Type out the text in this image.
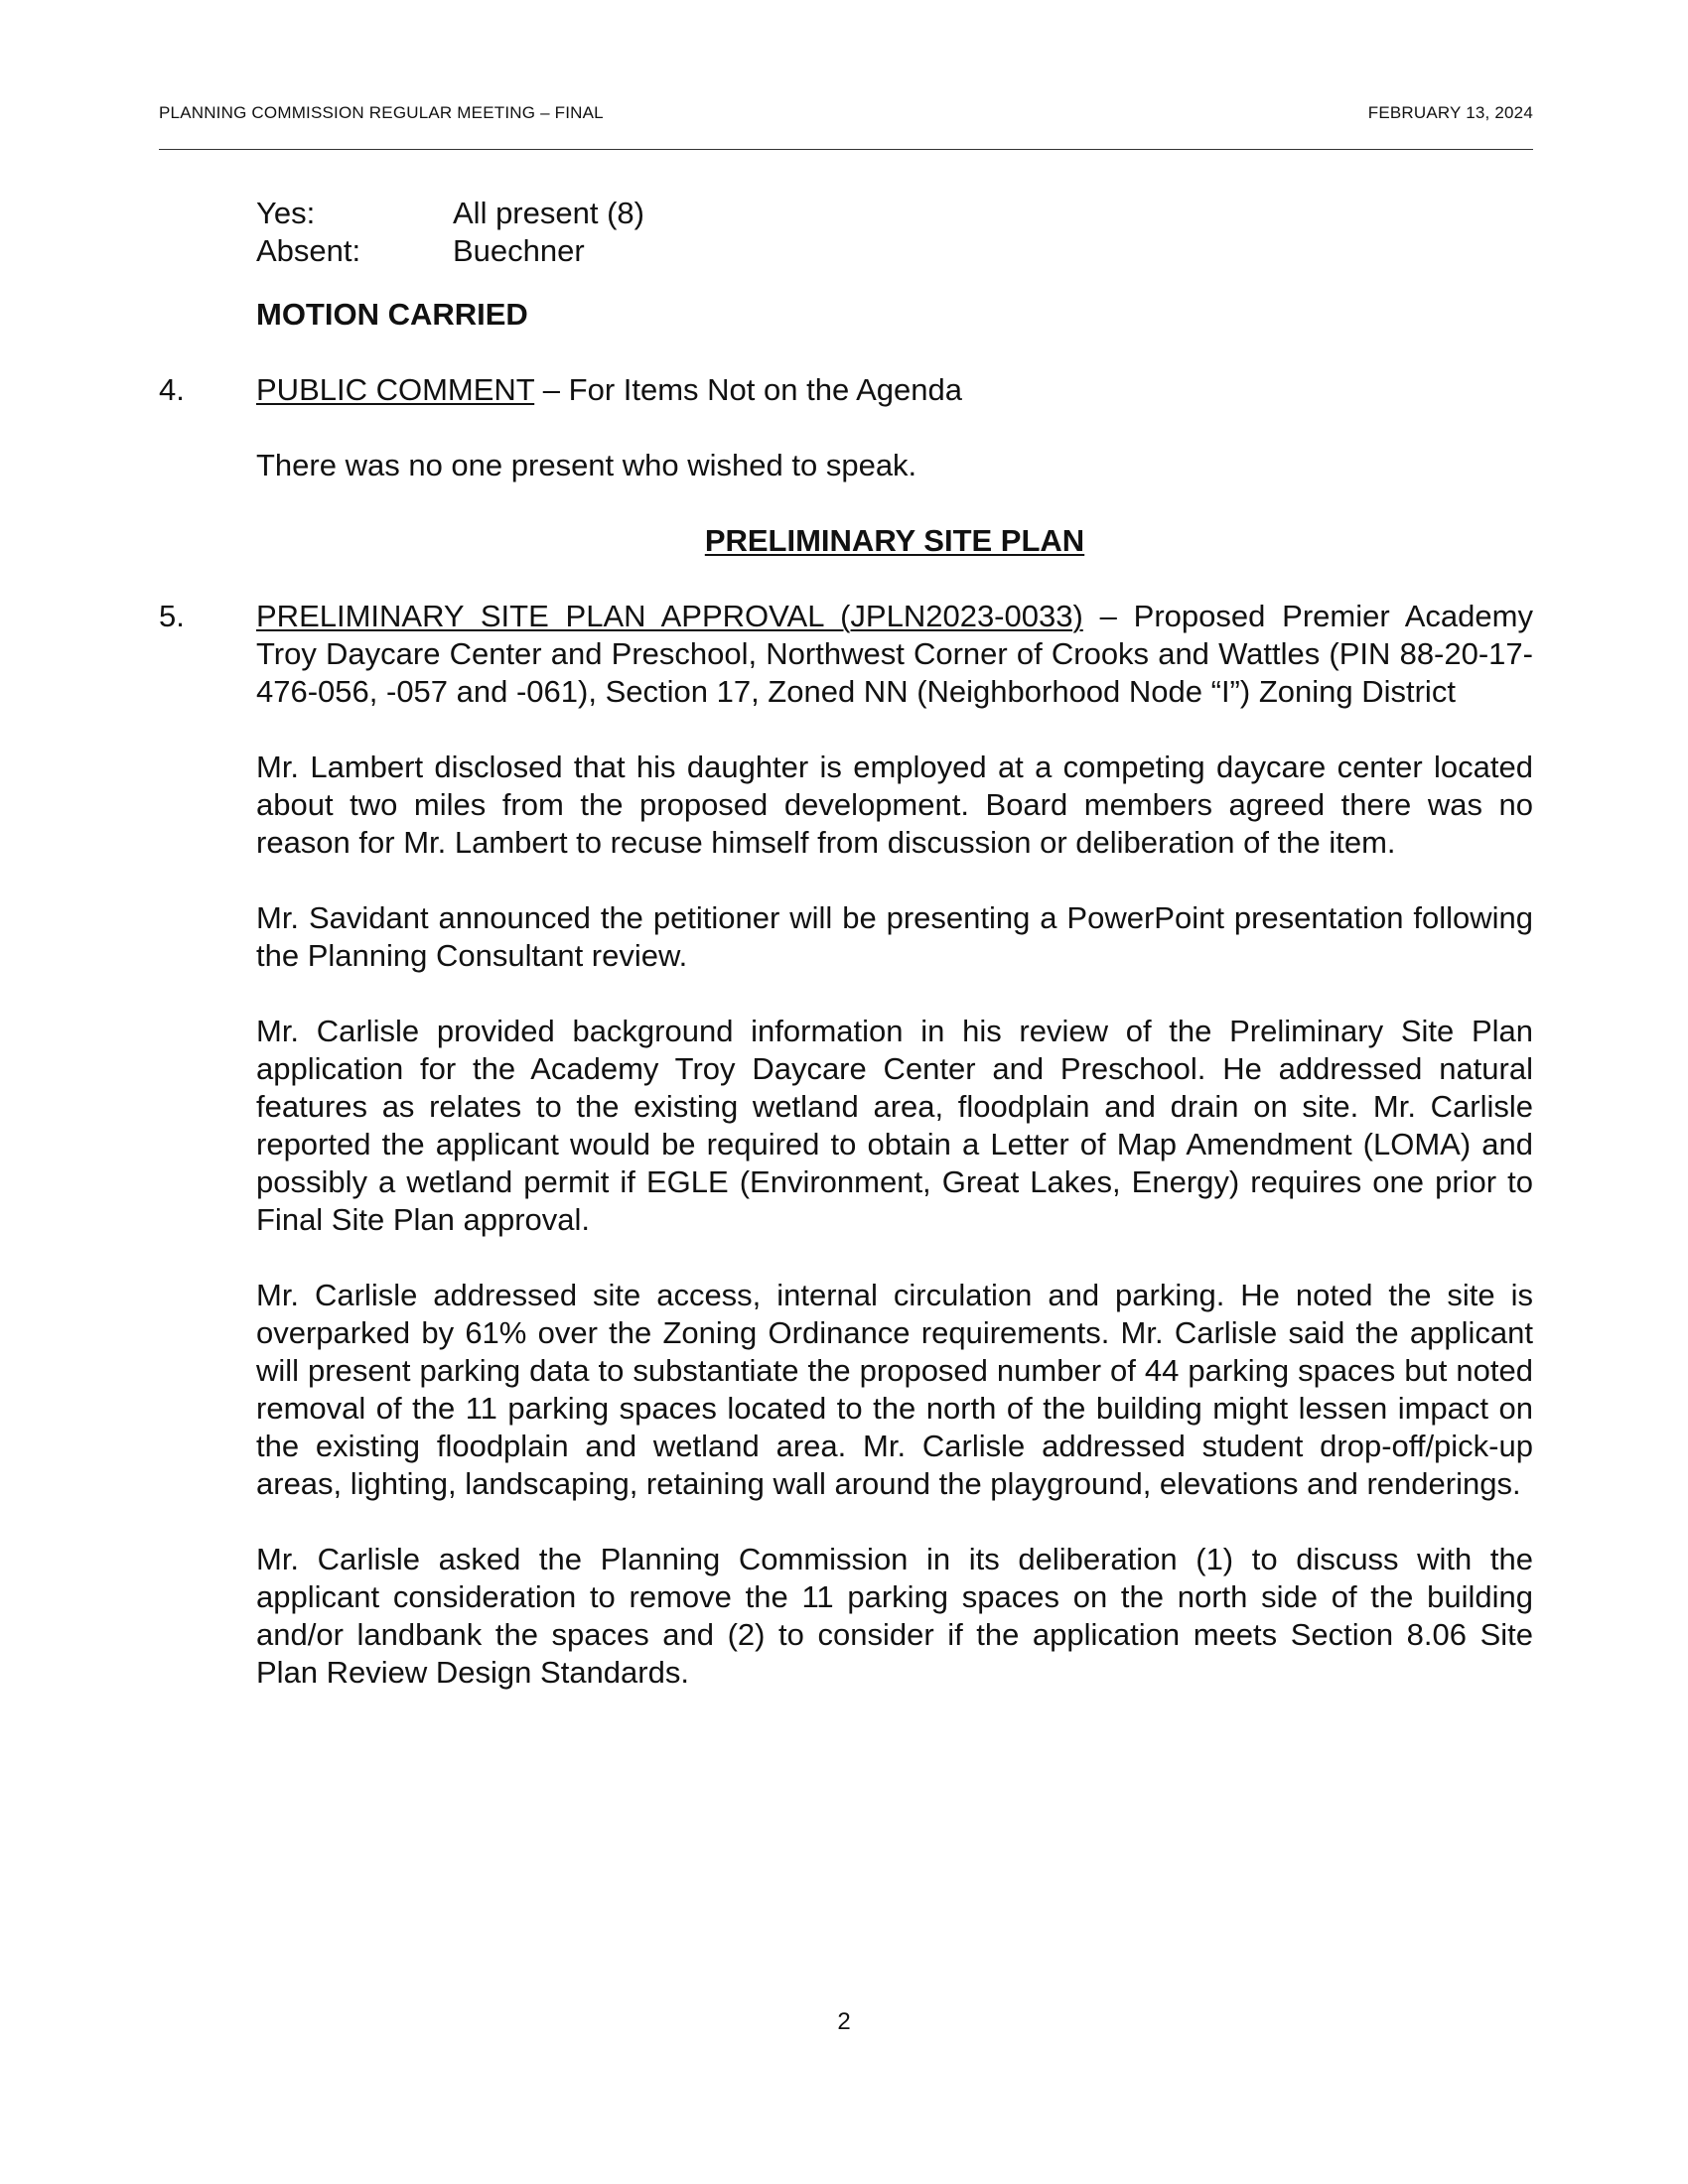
PLANNING COMMISSION REGULAR MEETING – FINAL	FEBRUARY 13, 2024
Yes:	All present (8)
Absent:	Buechner
MOTION CARRIED
4.	PUBLIC COMMENT – For Items Not on the Agenda
There was no one present who wished to speak.
PRELIMINARY SITE PLAN
5.	PRELIMINARY SITE PLAN APPROVAL (JPLN2023-0033) – Proposed Premier Academy Troy Daycare Center and Preschool, Northwest Corner of Crooks and Wattles (PIN 88-20-17-476-056, -057 and -061), Section 17, Zoned NN (Neighborhood Node “I”) Zoning District
Mr. Lambert disclosed that his daughter is employed at a competing daycare center located about two miles from the proposed development. Board members agreed there was no reason for Mr. Lambert to recuse himself from discussion or deliberation of the item.
Mr. Savidant announced the petitioner will be presenting a PowerPoint presentation following the Planning Consultant review.
Mr. Carlisle provided background information in his review of the Preliminary Site Plan application for the Academy Troy Daycare Center and Preschool. He addressed natural features as relates to the existing wetland area, floodplain and drain on site. Mr. Carlisle reported the applicant would be required to obtain a Letter of Map Amendment (LOMA) and possibly a wetland permit if EGLE (Environment, Great Lakes, Energy) requires one prior to Final Site Plan approval.
Mr. Carlisle addressed site access, internal circulation and parking. He noted the site is overparked by 61% over the Zoning Ordinance requirements. Mr. Carlisle said the applicant will present parking data to substantiate the proposed number of 44 parking spaces but noted removal of the 11 parking spaces located to the north of the building might lessen impact on the existing floodplain and wetland area. Mr. Carlisle addressed student drop-off/pick-up areas, lighting, landscaping, retaining wall around the playground, elevations and renderings.
Mr. Carlisle asked the Planning Commission in its deliberation (1) to discuss with the applicant consideration to remove the 11 parking spaces on the north side of the building and/or landbank the spaces and (2) to consider if the application meets Section 8.06 Site Plan Review Design Standards.
2
